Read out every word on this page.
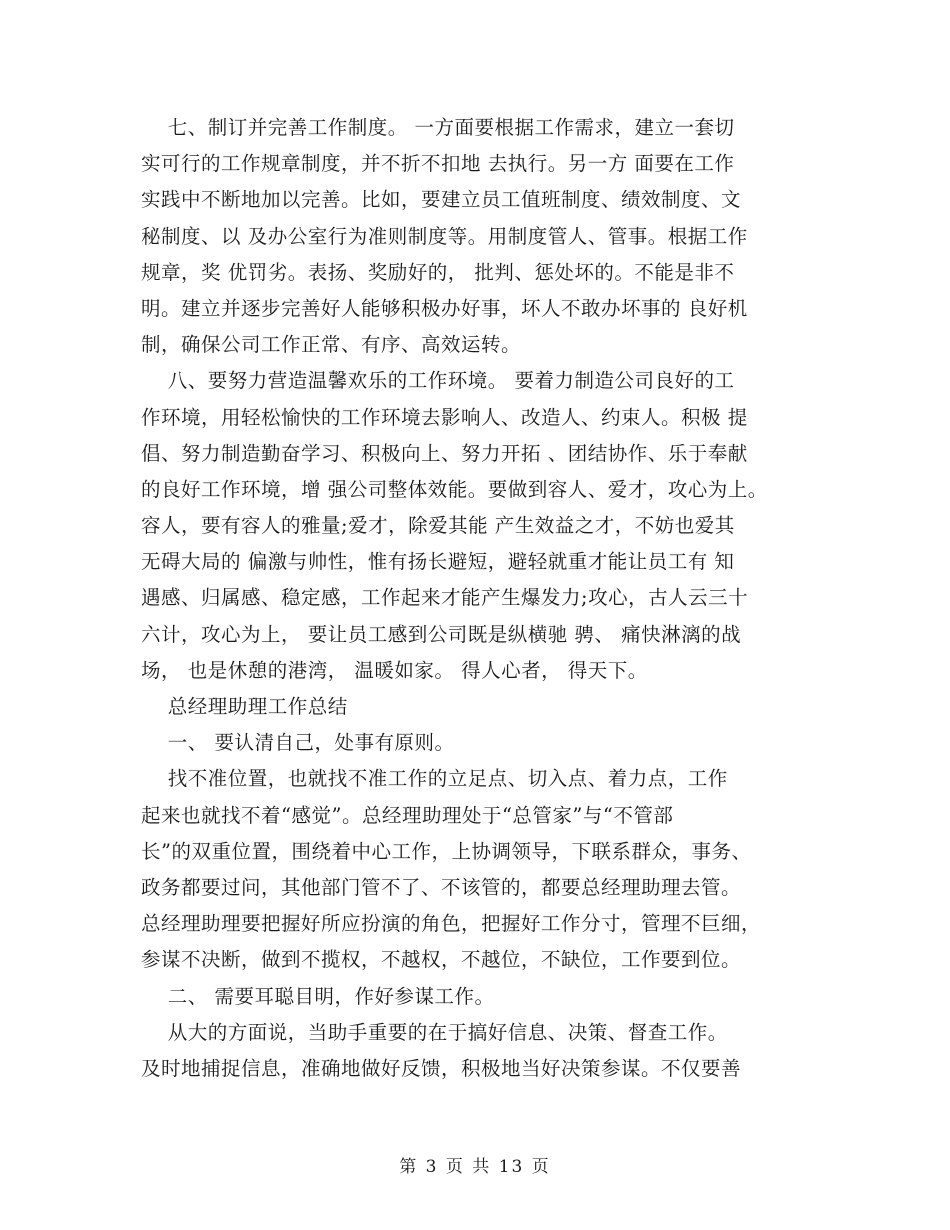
七、制订并完善工作制度。 一方面要根据工作需求，建立一套切
实可行的工作规章制度，并不折不扣地 去执行。另一方 面要在工作
实践中不断地加以完善。比如，要建立员工值班制度、绩效制度、文
秘制度、以 及办公室行为准则制度等。用制度管人、管事。根据工作
规章，奖 优罚劣。表扬、奖励好的， 批判、惩处坏的。不能是非不
明。建立并逐步完善好人能够积极办好事，坏人不敢办坏事的 良好机
制，确保公司工作正常、有序、高效运转。
八、要努力营造温馨欢乐的工作环境。 要着力制造公司良好的工
作环境，用轻松愉快的工作环境去影响人、改造人、约束人。积极 提
倡、努力制造勤奋学习、积极向上、努力开拓 、团结协作、乐于奉献
的良好工作环境，增 强公司整体效能。要做到容人、爱才，攻心为上。
容人，要有容人的雅量;爱才，除爱其能 产生效益之才，不妨也爱其
无碍大局的 偏激与帅性，惟有扬长避短，避轻就重才能让员工有 知
遇感、归属感、稳定感，工作起来才能产生爆发力;攻心，古人云三十
六计，攻心为上， 要让员工感到公司既是纵横驰 骋、 痛快淋漓的战
场， 也是休憩的港湾， 温暖如家。 得人心者， 得天下。
总经理助理工作总结
一、 要认清自己，处事有原则。
找不准位置，也就找不准工作的立足点、切入点、着力点，工作
起来也就找不着“感觉”。总经理助理处于“总管家”与“不管部
长”的双重位置，围绕着中心工作，上协调领导，下联系群众，事务、
政务都要过问，其他部门管不了、不该管的，都要总经理助理去管。
总经理助理要把握好所应扮演的角色，把握好工作分寸，管理不巨细，
参谋不决断，做到不揽权，不越权，不越位，不缺位，工作要到位。
二、 需要耳聪目明，作好参谋工作。
从大的方面说，当助手重要的在于搞好信息、决策、督查工作。
及时地捕捉信息，准确地做好反馈，积极地当好决策参谋。不仅要善
第 3 页 共 13 页
